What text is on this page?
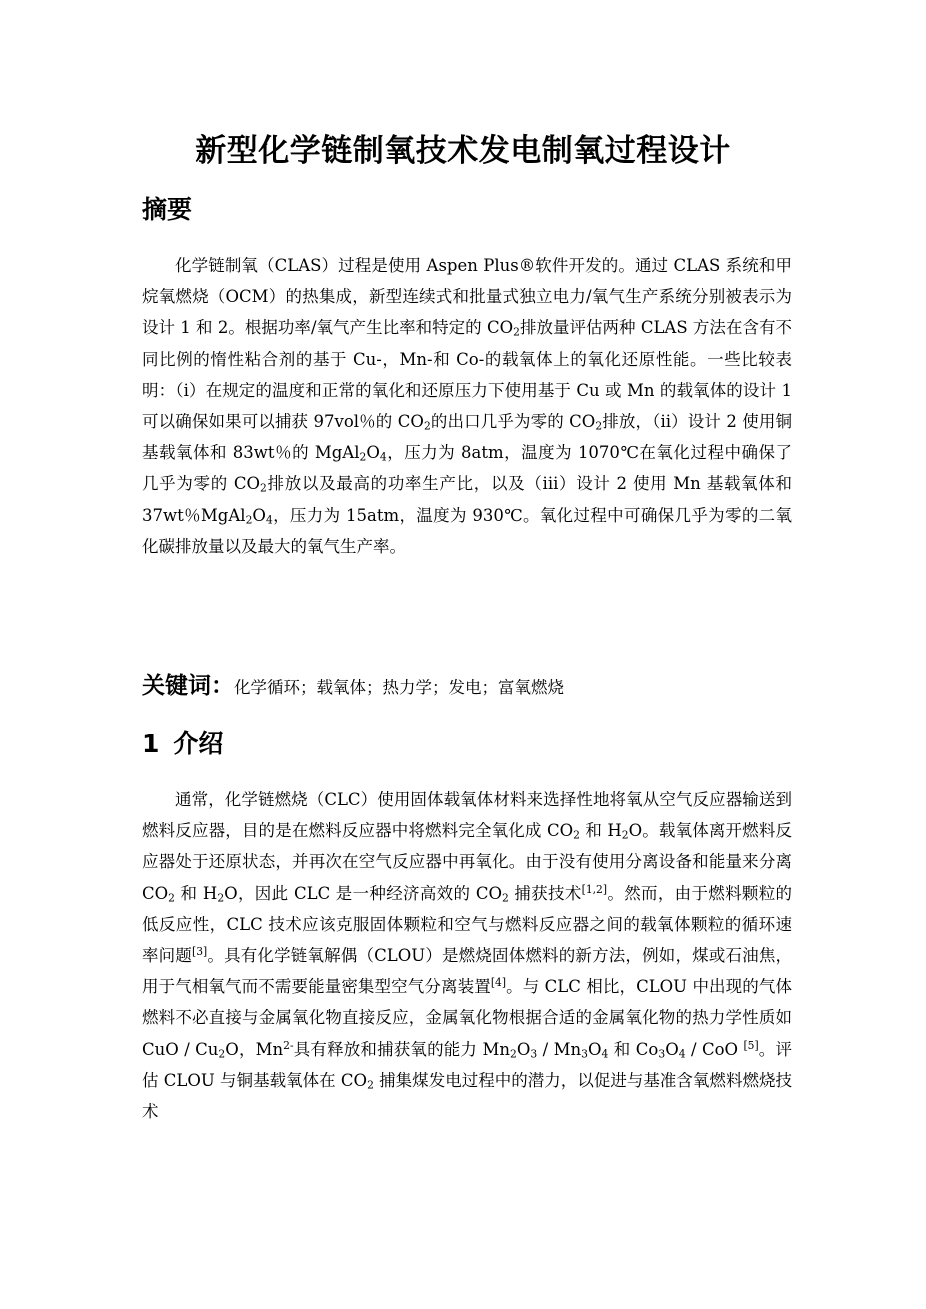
新型化学链制氧技术发电制氧过程设计
摘要

化学链制氧（CLAS）过程是使用 Aspen Plus®软件开发的。通过 CLAS 系统和甲烷氧燃烧（OCM）的热集成，新型连续式和批量式独立电力/氧气生产系统分别被表示为设计 1 和 2。根据功率/氧气产生比率和特定的 $CO_2$排放量评估两种 CLAS 方法在含有不同比例的惰性粘合剂的基于 Cu-，Mn-和 Co-的载氧体上的氧化还原性能。一些比较表明：（i）在规定的温度和正常的氧化和还原压力下使用基于 Cu 或 Mn 的载氧体的设计 1 可以确保如果可以捕获 97vol％的 $CO_2$的出口几乎为零的 $CO_2$排放，（ii）设计 2 使用铜基载氧体和 83wt％的 $MgAl_2O_4$，压力为 8atm，温度为 1070℃在氧化过程中确保了几乎为零的 $CO_2$排放以及最高的功率生产比，以及（iii）设计 2 使用 Mn 基载氧体和 37wt％$MgAl_2O_4$，压力为 15atm，温度为 930℃。氧化过程中可确保几乎为零的二氧化碳排放量以及最大的氧气生产率。

关键词：化学循环；载氧体；热力学；发电；富氧燃烧
1 介绍

通常，化学链燃烧（CLC）使用固体载氧体材料来选择性地将氧从空气反应器输送到燃料反应器，目的是在燃料反应器中将燃料完全氧化成 $CO_2$ 和 $H_2O$。载氧体离开燃料反应器处于还原状态，并再次在空气反应器中再氧化。由于没有使用分离设备和能量来分离 $CO_2$ 和 $H_2O$，因此 CLC 是一种经济高效的 $CO_2$ 捕获技术[1,2]。然而，由于燃料颗粒的低反应性，CLC 技术应该克服固体颗粒和空气与燃料反应器之间的载氧体颗粒的循环速率问题[3]。具有化学链氧解偶（CLOU）是燃烧固体燃料的新方法，例如，煤或石油焦，用于气相氧气而不需要能量密集型空气分离装置[4]。与 CLC 相比，CLOU 中出现的气体燃料不必直接与金属氧化物直接反应，金属氧化物根据合适的金属氧化物的热力学性质如 CuO / $Cu_2O$，$Mn^{2-}$具有释放和捕获氧的能力 $Mn_2O_3 / Mn_3O_4$ 和 $Co_3O_4$ / CoO [5]。评估 CLOU 与铜基载氧体在 $CO_2$ 捕集煤发电过程中的潜力，以促进与基准含氧燃料燃烧技术
